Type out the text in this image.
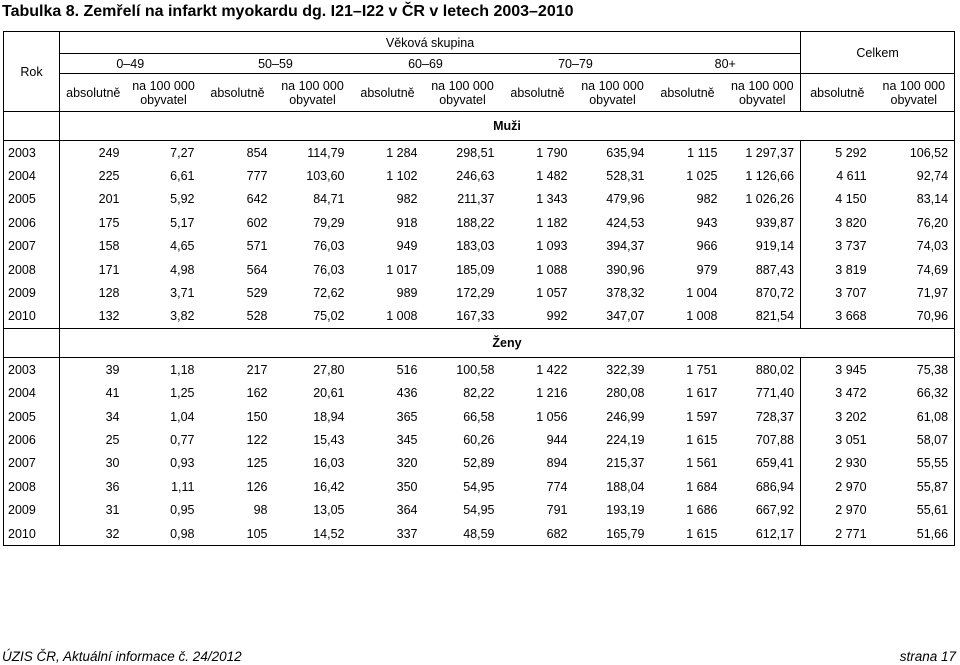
Tabulka 8. Zemřelí na infarkt myokardu dg. I21–I22 v ČR v letech 2003–2010
Rok	Věková skupina										Celkem	
	0–49		50–59		60–69		70–79		80+			
	absolutně	na 100 000
obyvatel	absolutně	na 100 000
obyvatel	absolutně	na 100 000
obyvatel	absolutně	na 100 000
obyvatel	absolutně	na 100 000
obyvatel	absolutně	na 100 000
obyvatel
	Muži											
2003	249	7,27	854	114,79	1 284	298,51	1 790	635,94	1 115	1 297,37	5 292	106,52
2004	225	6,61	777	103,60	1 102	246,63	1 482	528,31	1 025	1 126,66	4 611	92,74
2005	201	5,92	642	84,71	982	211,37	1 343	479,96	982	1 026,26	4 150	83,14
2006	175	5,17	602	79,29	918	188,22	1 182	424,53	943	939,87	3 820	76,20
2007	158	4,65	571	76,03	949	183,03	1 093	394,37	966	919,14	3 737	74,03
2008	171	4,98	564	76,03	1 017	185,09	1 088	390,96	979	887,43	3 819	74,69
2009	128	3,71	529	72,62	989	172,29	1 057	378,32	1 004	870,72	3 707	71,97
2010	132	3,82	528	75,02	1 008	167,33	992	347,07	1 008	821,54	3 668	70,96
	Ženy											
2003	39	1,18	217	27,80	516	100,58	1 422	322,39	1 751	880,02	3 945	75,38
2004	41	1,25	162	20,61	436	82,22	1 216	280,08	1 617	771,40	3 472	66,32
2005	34	1,04	150	18,94	365	66,58	1 056	246,99	1 597	728,37	3 202	61,08
2006	25	0,77	122	15,43	345	60,26	944	224,19	1 615	707,88	3 051	58,07
2007	30	0,93	125	16,03	320	52,89	894	215,37	1 561	659,41	2 930	55,55
2008	36	1,11	126	16,42	350	54,95	774	188,04	1 684	686,94	2 970	55,87
2009	31	0,95	98	13,05	364	54,95	791	193,19	1 686	667,92	2 970	55,61
2010	32	0,98	105	14,52	337	48,59	682	165,79	1 615	612,17	2 771	51,66
ÚZIS ČR, Aktuální informace č. 24/2012	strana 17
